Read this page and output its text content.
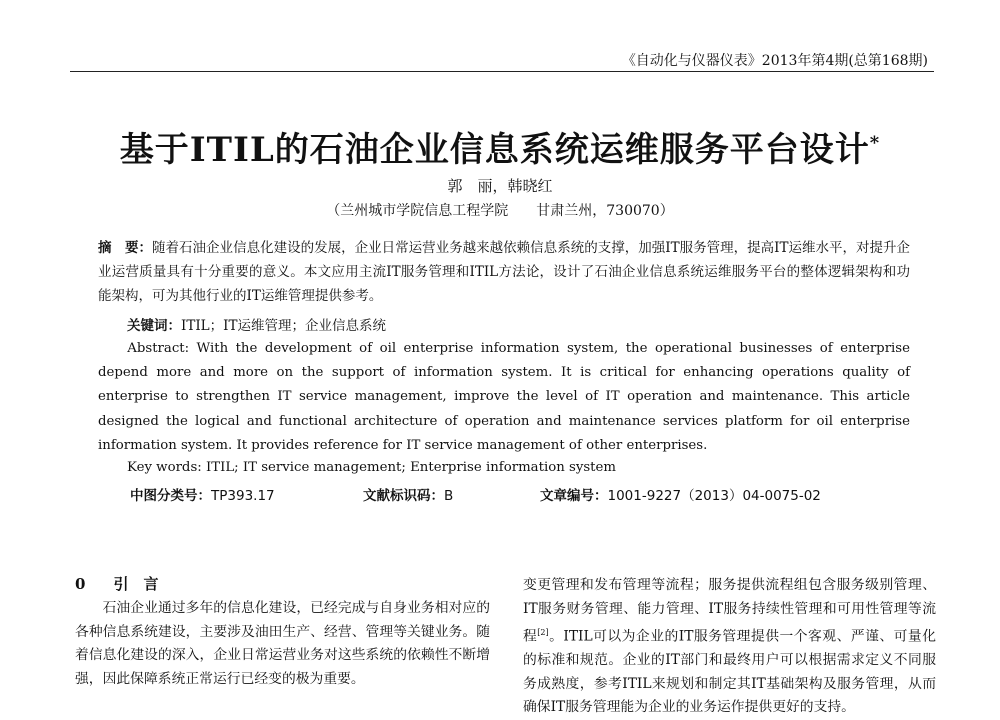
《自动化与仪器仪表》2013年第4期(总第168期)
基于ITIL的石油企业信息系统运维服务平台设计*
郭　丽，韩晓红
（兰州城市学院信息工程学院　　甘肃兰州，730070）
摘　要：随着石油企业信息化建设的发展，企业日常运营业务越来越依赖信息系统的支撑，加强IT服务管理，提高IT运维水平，对提升企业运营质量具有十分重要的意义。本文应用主流IT服务管理和ITIL方法论，设计了石油企业信息系统运维服务平台的整体逻辑架构和功能架构，可为其他行业的IT运维管理提供参考。
关键词：ITIL；IT运维管理；企业信息系统
Abstract: With the development of oil enterprise information system, the operational businesses of enterprise depend more and more on the support of information system. It is critical for enhancing operations quality of enterprise to strengthen IT service management, improve the level of IT operation and maintenance. This article designed the logical and functional architecture of operation and maintenance services platform for oil enterprise information system. It provides reference for IT service management of other enterprises.
Key words: ITIL; IT service management; Enterprise information system
中图分类号：TP393.17	文献标识码：B	文章编号：1001-9227（2013）04-0075-02
0 引　言
石油企业通过多年的信息化建设，已经完成与自身业务相对应的各种信息系统建设，主要涉及油田生产、经营、管理等关键业务。随着信息化建设的深入，企业日常运营业务对这些系统的依赖性不断增强，因此保障系统正常运行已经变的极为重要。
变更管理和发布管理等流程；服务提供流程组包含服务级别管理、IT服务财务管理、能力管理、IT服务持续性管理和可用性管理等流程[2]。ITIL可以为企业的IT服务管理提供一个客观、严谨、可量化的标准和规范。企业的IT部门和最终用户可以根据需求定义不同服务成熟度，参考ITIL来规划和制定其IT基础架构及服务管理，从而确保IT服务管理能为企业的业务运作提供更好的支持。
